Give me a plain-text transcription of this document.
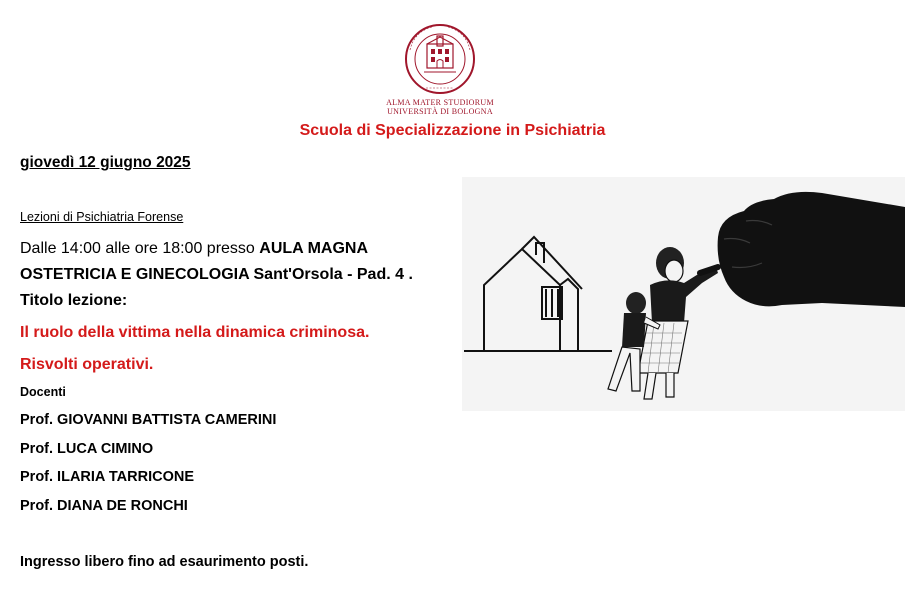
ALMA MATER STUDIORUM
UNIVERSITÀ DI BOLOGNA
Scuola di Specializzazione in Psichiatria
giovedì 12 giugno 2025
Lezioni di Psichiatria Forense
Dalle 14:00 alle ore 18:00 presso AULA MAGNA OSTETRICIA E GINECOLOGIA Sant'Orsola - Pad. 4 .
Titolo lezione:
Il ruolo della vittima nella dinamica criminosa.
Risvolti operativi.
Docenti
Prof. GIOVANNI BATTISTA CAMERINI
Prof. LUCA CIMINO
Prof. ILARIA TARRICONE
Prof. DIANA DE RONCHI
Ingresso libero fino ad esaurimento posti.
